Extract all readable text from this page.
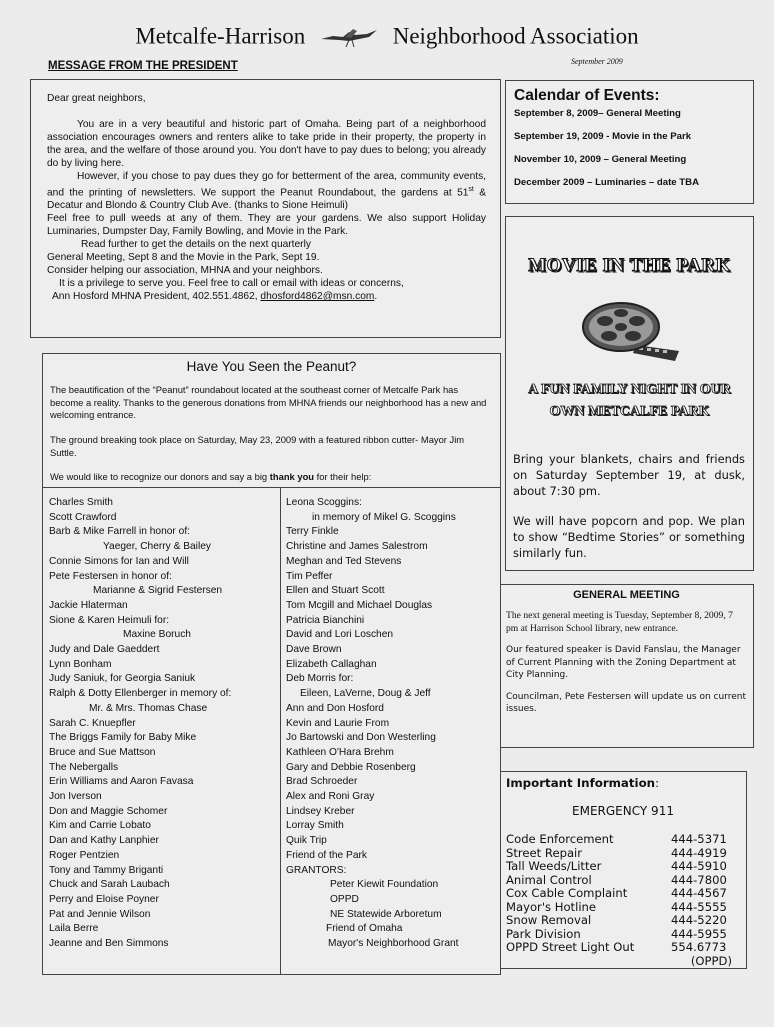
Metcalfe-Harrison	Neighborhood Association
MESSAGE FROM THE PRESIDENT	September 2009

Dear great neighbors,

You are in a very beautiful and historic part of Omaha. Being part of a neighborhood association encourages owners and renters alike to take pride in their property, the property in the area, and the welfare of those around you. You don't have to pay dues to belong; you already do by living here.

However, if you chose to pay dues they go for betterment of the area, community events, and the printing of newsletters. We support the Peanut Roundabout, the gardens at 51st & Decatur and Blondo & Country Club Ave. (thanks to Sione Heimuli)

Feel free to pull weeds at any of them. They are your gardens. We also support Holiday Luminaries, Dumpster Day, Family Bowling, and Movie in the Park.

Read further to get the details on the next quarterly

General Meeting, Sept 8 and the Movie in the Park, Sept 19.

Consider helping our association, MHNA and your neighbors.

It is a privilege to serve you. Feel free to call or email with ideas or concerns,

Ann Hosford MHNA President, 402.551.4862, dhosford4862@msn.com.

Calendar of Events:
September 8, 2009– General Meeting
September 19, 2009 - Movie in the Park
November 10, 2009 – General Meeting
December 2009 – Luminaries – date TBA
MOVIE IN THE PARK
A FUN FAMILY NIGHT IN OUR OWN METCALFE PARK
Bring your blankets, chairs and friends on Saturday September 19, at dusk, about 7:30 pm.
We will have popcorn and pop. We plan to show “Bedtime Stories” or something similarly fun.
GENERAL MEETING

The next general meeting is Tuesday, September 8, 2009, 7 pm at Harrison School library, new entrance.

Our featured speaker is David Fanslau, the Manager of Current Planning with the Zoning Department at City Planning.

Councilman, Pete Festersen will update us on current issues.

Important Information:
EMERGENCY 911
Code Enforcement	444-5371
Street Repair	444-4919
Tall Weeds/Litter	444-5910
Animal Control	444-7800
Cox Cable Complaint	444-4567
Mayor's Hotline	444-5555
Snow Removal	444-5220
Park Division	444-5955
OPPD Street Light Out	554.6773
(OPPD)
Have You Seen the Peanut?
The beautification of the “Peanut” roundabout located at the southeast corner of Metcalfe Park has become a reality. Thanks to the generous donations from MHNA friends our neighborhood has a new and welcoming entrance.
The ground breaking took place on Saturday, May 23, 2009 with a featured ribbon cutter- Mayor Jim Suttle.
We would like to recognize our donors and say a big thank you for their help:
Charles Smith
Scott Crawford
Barb & Mike Farrell in honor of:
Yaeger, Cherry & Bailey
Connie Simons for Ian and Will
Pete Festersen in honor of:
Marianne & Sigrid Festersen
Jackie Hlaterman
Sione & Karen Heimuli for:
Maxine Boruch
Judy and Dale Gaeddert
Lynn Bonham
Judy Saniuk, for Georgia Saniuk
Ralph & Dotty Ellenberger in memory of:
Mr. & Mrs. Thomas Chase
Sarah C. Knuepfler
The Briggs Family for Baby Mike
Bruce and Sue Mattson
The Nebergalls
Erin Williams and Aaron Favasa
Jon Iverson
Don and Maggie Schomer
Kim and Carrie Lobato
Dan and Kathy Lanphier
Roger Pentzien
Tony and Tammy Briganti
Chuck and Sarah Laubach
Perry and Eloise Poyner
Pat and Jennie Wilson
Laila Berre
Jeanne and Ben Simmons
Leona Scoggins:
in memory of Mikel G. Scoggins
Terry Finkle
Christine and James Salestrom
Meghan and Ted Stevens
Tim Peffer
Ellen and Stuart Scott
Tom Mcgill and Michael Douglas
Patricia Bianchini
David and Lori Loschen
Dave Brown
Elizabeth Callaghan
Deb Morris for:
Eileen, LaVerne, Doug & Jeff
Ann and Don Hosford
Kevin and Laurie From
Jo Bartowski and Don Westerling
Kathleen O'Hara Brehm
Gary and Debbie Rosenberg
Brad Schroeder
Alex and Roni Gray
Lindsey Kreber
Lorray Smith
Quik Trip
Friend of the Park
GRANTORS:
Peter Kiewit Foundation
OPPD
NE Statewide Arboretum
Friend of Omaha
Mayor's Neighborhood Grant
